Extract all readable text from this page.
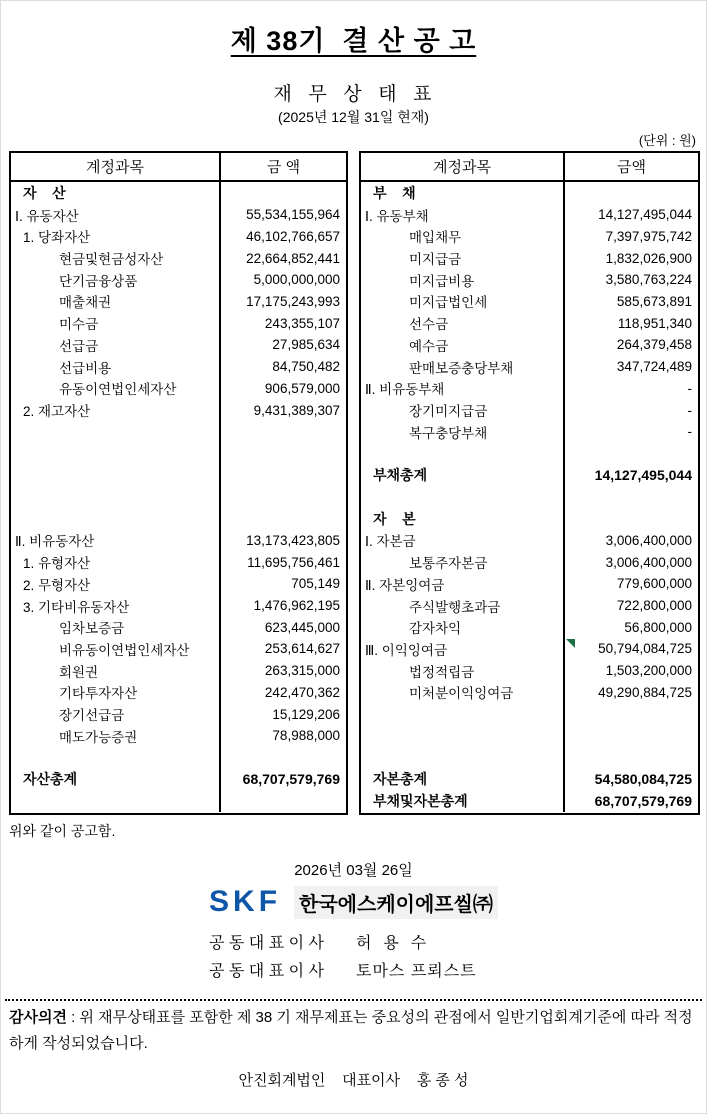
제 38기  결 산 공 고
재  무  상  태  표
(2025년 12월 31일 현재)
(단위 : 원)
계정과목	금 액
자    산
Ⅰ. 유동자산	55,534,155,964
1. 당좌자산	46,102,766,657
현금및현금성자산	22,664,852,441
단기금융상품	5,000,000,000
매출채권	17,175,243,993
미수금	243,355,107
선급금	27,985,634
선급비용	84,750,482
유동이연법인세자산	906,579,000
2. 재고자산	9,431,389,307
Ⅱ. 비유동자산	13,173,423,805
1. 유형자산	11,695,756,461
2. 무형자산	705,149
3. 기타비유동자산	1,476,962,195
임차보증금	623,445,000
비유동이연법인세자산	253,614,627
회원권	263,315,000
기타투자자산	242,470,362
장기선급금	15,129,206
매도가능증권	78,988,000
자산총계	68,707,579,769
계정과목	금액
부    채
Ⅰ. 유동부채	14,127,495,044
매입채무	7,397,975,742
미지급금	1,832,026,900
미지급비용	3,580,763,224
미지급법인세	585,673,891
선수금	118,951,340
예수금	264,379,458
판매보증충당부채	347,724,489
Ⅱ. 비유동부채	-
장기미지급금	-
복구충당부채	-
부채총계	14,127,495,044
자    본
Ⅰ. 자본금	3,006,400,000
보통주자본금	3,006,400,000
Ⅱ. 자본잉여금	779,600,000
주식발행초과금	722,800,000
감자차익	56,800,000
Ⅲ. 이익잉여금	50,794,084,725
법정적립금	1,503,200,000
미처분이익잉여금	49,290,884,725
자본총계	54,580,084,725
부채및자본총계	68,707,579,769
위와 같이 공고함.
2026년 03월 26일
SKF 한국에스케이에프씰㈜
공 동 대 표 이 사	허  용  수
공 동 대 표 이 사	토마스 프뢰스트
감사의견 : 위 재무상태표를 포함한 제 38 기 재무제표는 중요성의 관점에서 일반기업회계기준에 따라 적정하게 작성되었습니다.
안진회계법인    대표이사    홍 종 성
